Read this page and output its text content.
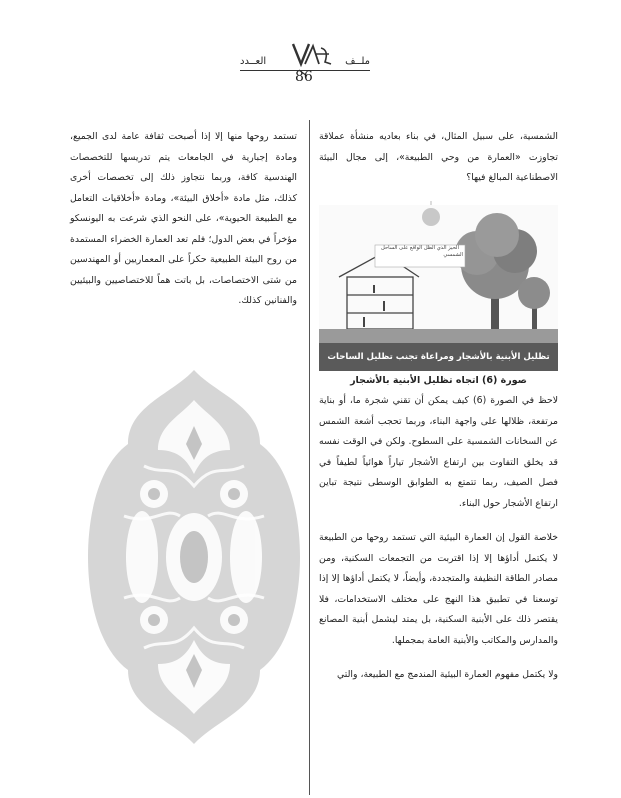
ملــف
العــدد
86

الشمسية، على سبيل المثال، في بناء بعاديه منشأة عملاقة تجاوزت «العمارة من وحي الطبيعة»، إلى مجال البيئة الاصطناعية المبالغ فيها؟

الحيز الذي الظل الواقع على الساحل الشمسي
تظليل الأبنية بالأشجار ومراعاة تجنب تظليل الساحات الشمسية

صورة (6) اتجاه تظليل الأبنية بالأشجار

لاحظ في الصورة (6) كيف يمكن أن تقني شجرة ما، أو بناية مرتفعة، ظلالها على واجهة البناء، وربما تحجب أشعة الشمس عن السخانات الشمسية على السطوح. ولكن في الوقت نفسه قد يخلق التفاوت بين ارتفاع الأشجار تياراً هوائياً لطيفاً في فصل الصيف، ربما تتمتع به الطوابق الوسطى نتيجة تباين ارتفاع الأشجار حول البناء.

خلاصة القول إن العمارة البيئية التي تستمد روحها من الطبيعة لا يكتمل أداؤها إلا إذا اقتربت من التجمعات السكنية، ومن مصادر الطاقة النظيفة والمتجددة، وأيضاً، لا يكتمل أداؤها إلا إذا توسعنا في تطبيق هذا النهج على مختلف الاستخدامات، فلا يقتصر ذلك على الأبنية السكنية، بل يمتد ليشمل أبنية المصانع والمدارس والمكاتب والأبنية العامة بمجملها.

ولا يكتمل مفهوم العمارة البيئية المندمج مع الطبيعة، والتي

تستمد روحها منها إلا إذا أصبحت ثقافة عامة لدى الجميع، ومادة إجبارية في الجامعات يتم تدريسها للتخصصات الهندسية كافة، وربما نتجاوز ذلك إلى تخصصات أخرى كذلك، مثل مادة «أخلاق البيئة»، ومادة «أخلاقيات التعامل مع الطبيعة الحيوية»، على النحو الذي شرعت به اليونسكو مؤخراً في بعض الدول؛ فلم تعد العمارة الخضراء المستمدة من روح البيئة الطبيعية حكراً على المعماريين أو المهندسين من شتى الاختصاصات، بل باتت هماً للاختصاصيين والبيئيين والفنانين كذلك.
